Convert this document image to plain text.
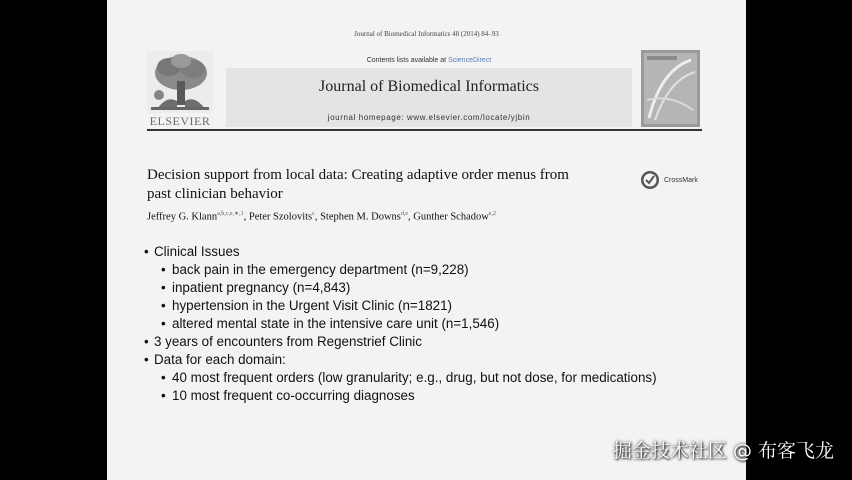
Journal of Biomedical Informatics 48 (2014) 84–93
ELSEVIER
Contents lists available at ScienceDirect
Journal of Biomedical Informatics
journal homepage: www.elsevier.com/locate/yjbin
Decision support from local data: Creating adaptive order menus from
past clinician behavior
CrossMark
Jeffrey G. Klann$^{a,b,c,e,∗,1}$, Peter Szolovits$^c$, Stephen M. Downs$^{d,e}$, Gunther Schadow$^{e,2}$
• Clinical Issues
• back pain in the emergency department (n=9,228)
• inpatient pregnancy (n=4,843)
• hypertension in the Urgent Visit Clinic (n=1821)
• altered mental state in the intensive care unit (n=1,546)
• 3 years of encounters from Regenstrief Clinic
• Data for each domain:
• 40 most frequent orders (low granularity; e.g., drug, but not dose, for medications)
• 10 most frequent co-occurring diagnoses
掘金技术社区 @ 布客飞龙
